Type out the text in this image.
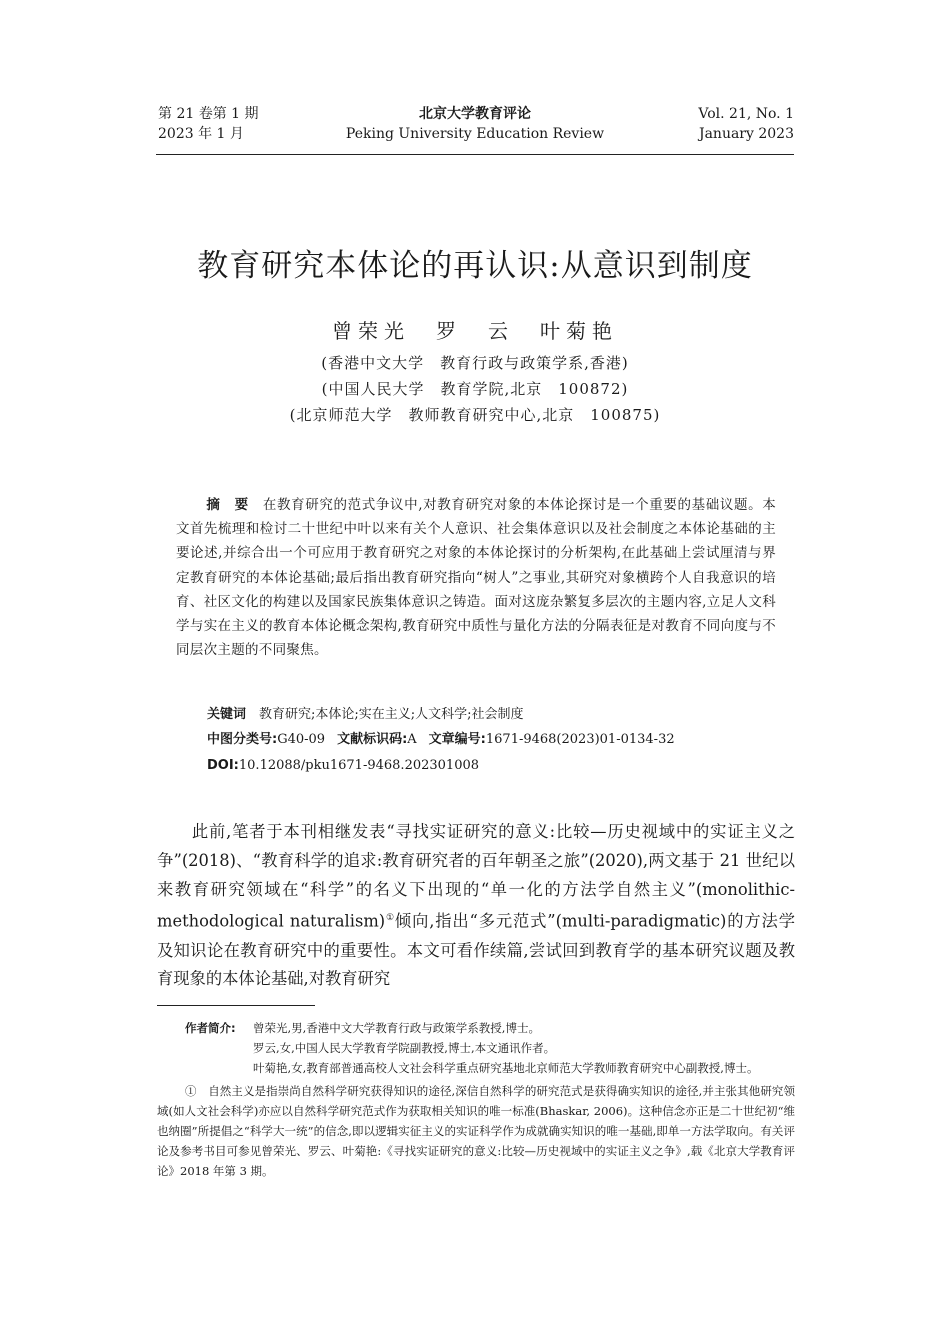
第 21 卷第 1 期
2023 年 1 月
北京大学教育评论
Peking University Education Review
Vol. 21, No. 1
January 2023
教育研究本体论的再认识:从意识到制度
曾荣光　罗　云　叶菊艳
(香港中文大学　教育行政与政策学系,香港)
(中国人民大学　教育学院,北京　100872)
(北京师范大学　教师教育研究中心,北京　100875)
摘　要　 在教育研究的范式争议中,对教育研究对象的本体论探讨是一个重要的基础议题。本文首先梳理和检讨二十世纪中叶以来有关个人意识、社会集体意识以及社会制度之本体论基础的主要论述,并综合出一个可应用于教育研究之对象的本体论探讨的分析架构,在此基础上尝试厘清与界定教育研究的本体论基础;最后指出教育研究指向“树人”之事业,其研究对象横跨个人自我意识的培育、社区文化的构建以及国家民族集体意识之铸造。面对这庞杂繁复多层次的主题内容,立足人文科学与实在主义的教育本体论概念架构,教育研究中质性与量化方法的分隔表征是对教育不同向度与不同层次主题的不同聚焦。
关键词　 教育研究;本体论;实在主义;人文科学;社会制度
中图分类号:G40-09 文献标识码:A 文章编号:1671-9468(2023)01-0134-32
DOI:10.12088/pku1671-9468.202301008
此前,笔者于本刊相继发表“寻找实证研究的意义:比较—历史视域中的实证主义之争”(2018)、“教育科学的追求:教育研究者的百年朝圣之旅”(2020),两文基于 21 世纪以来教育研究领域在“科学”的名义下出现的“单一化的方法学自然主义”(monolithic-methodological naturalism)①倾向,指出“多元范式”(multi-paradigmatic)的方法学及知识论在教育研究中的重要性。本文可看作续篇,尝试回到教育学的基本研究议题及教育现象的本体论基础,对教育研究
作者简介:	曾荣光,男,香港中文大学教育行政与政策学系教授,博士。
罗云,女,中国人民大学教育学院副教授,博士,本文通讯作者。
叶菊艳,女,教育部普通高校人文社会科学重点研究基地北京师范大学教师教育研究中心副教授,博士。
①　 自然主义是指崇尚自然科学研究获得知识的途径,深信自然科学的研究范式是获得确实知识的途径,并主张其他研究领域(如人文社会科学)亦应以自然科学研究范式作为获取相关知识的唯一标准(Bhaskar, 2006)。这种信念亦正是二十世纪初“维也纳圈”所提倡之“科学大一统”的信念,即以逻辑实征主义的实证科学作为成就确实知识的唯一基础,即单一方法学取向。有关评论及参考书目可参见曾荣光、罗云、叶菊艳:《寻找实证研究的意义:比较—历史视域中的实证主义之争》,载《北京大学教育评论》2018 年第 3 期。
